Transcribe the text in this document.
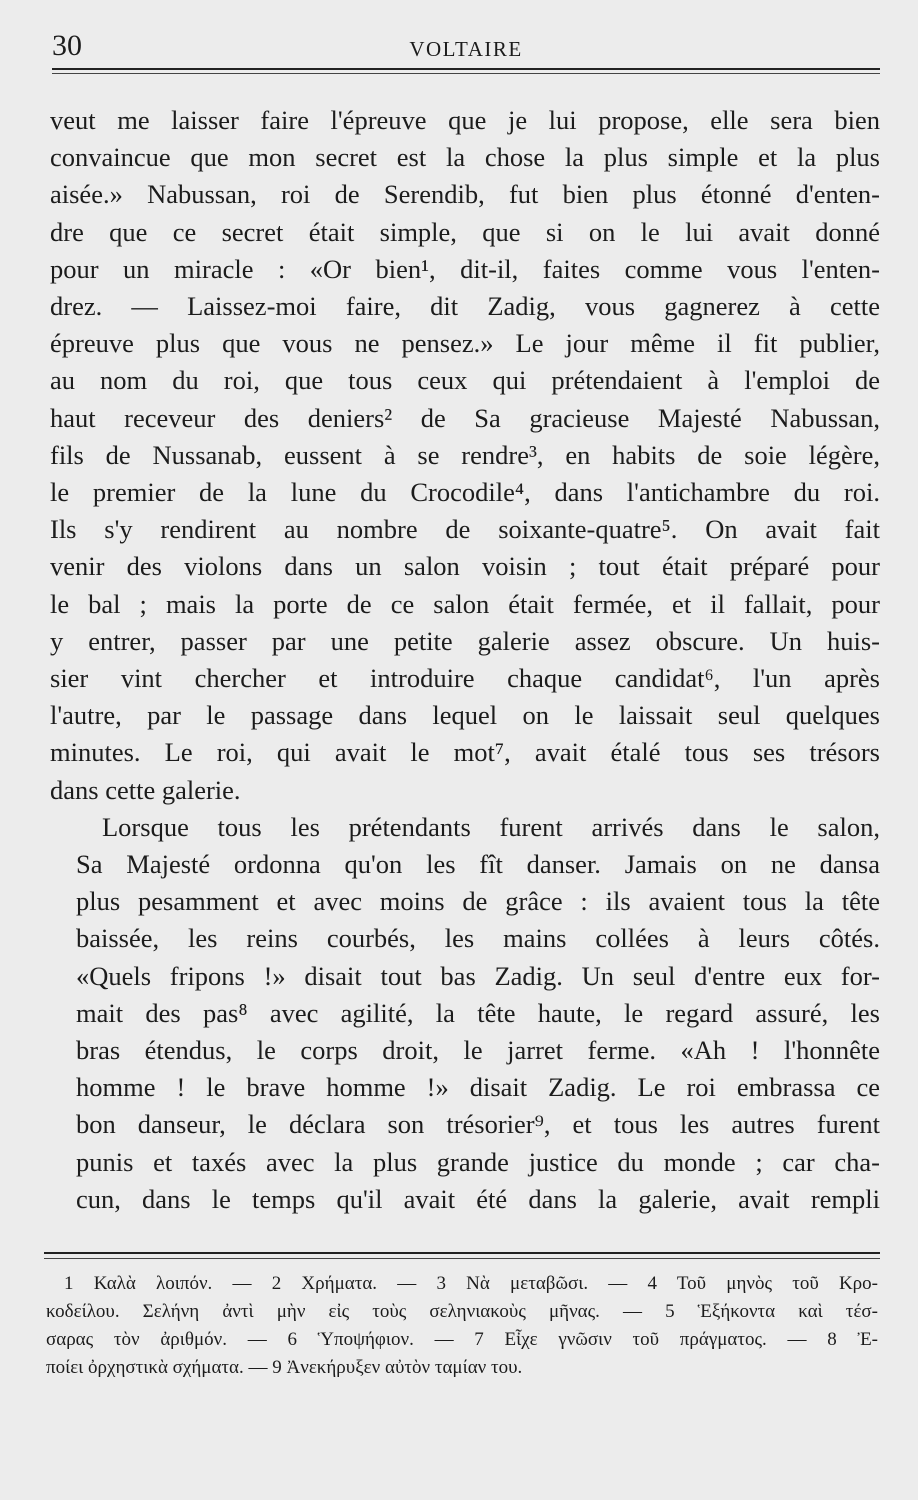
30	VOLTAIRE

veut me laisser faire l'épreuve que je lui propose, elle sera bien
convaincue que mon secret est la chose la plus simple et la plus
aisée.» Nabussan, roi de Serendib, fut bien plus étonné d'enten-
dre que ce secret était simple, que si on le lui avait donné
pour un miracle : «Or bien¹, dit-il, faites comme vous l'enten-
drez. — Laissez-moi faire, dit Zadig, vous gagnerez à cette
épreuve plus que vous ne pensez.» Le jour même il fit publier,
au nom du roi, que tous ceux qui prétendaient à l'emploi de
haut receveur des deniers² de Sa gracieuse Majesté Nabussan,
fils de Nussanab, eussent à se rendre³, en habits de soie légère,
le premier de la lune du Crocodile⁴, dans l'antichambre du roi.
Ils s'y rendirent au nombre de soixante-quatre⁵. On avait fait
venir des violons dans un salon voisin ; tout était préparé pour
le bal ; mais la porte de ce salon était fermée, et il fallait, pour
y entrer, passer par une petite galerie assez obscure. Un huis-
sier vint chercher et introduire chaque candidat⁶, l'un après
l'autre, par le passage dans lequel on le laissait seul quelques
minutes. Le roi, qui avait le mot⁷, avait étalé tous ses trésors
dans cette galerie.

Lorsque tous les prétendants furent arrivés dans le salon,
Sa Majesté ordonna qu'on les fît danser. Jamais on ne dansa
plus pesamment et avec moins de grâce : ils avaient tous la tête
baissée, les reins courbés, les mains collées à leurs côtés.
«Quels fripons !» disait tout bas Zadig. Un seul d'entre eux for-
mait des pas⁸ avec agilité, la tête haute, le regard assuré, les
bras étendus, le corps droit, le jarret ferme. «Ah ! l'honnête
homme ! le brave homme !» disait Zadig. Le roi embrassa ce
bon danseur, le déclara son trésorier⁹, et tous les autres furent
punis et taxés avec la plus grande justice du monde ; car cha-
cun, dans le temps qu'il avait été dans la galerie, avait rempli

1 Καλὰ λοιπόν. — 2 Χρήματα. — 3 Νὰ μεταβῶσι. — 4 Τοῦ μηνὸς τοῦ Κρο-
κοδείλου. Σελήνη ἀντὶ μὴν εἰς τοὺς σεληνιακοὺς μῆνας. — 5 Ἑξήκοντα καὶ τέσ-
σαρας τὸν ἀριθμόν. — 6 Ὑποψήφιον. — 7 Εἶχε γνῶσιν τοῦ πράγματος. — 8 Ἐ-
ποίει ὀρχηστικὰ σχήματα. — 9 Ἀνεκήρυξεν αὐτὸν ταμίαν του.
